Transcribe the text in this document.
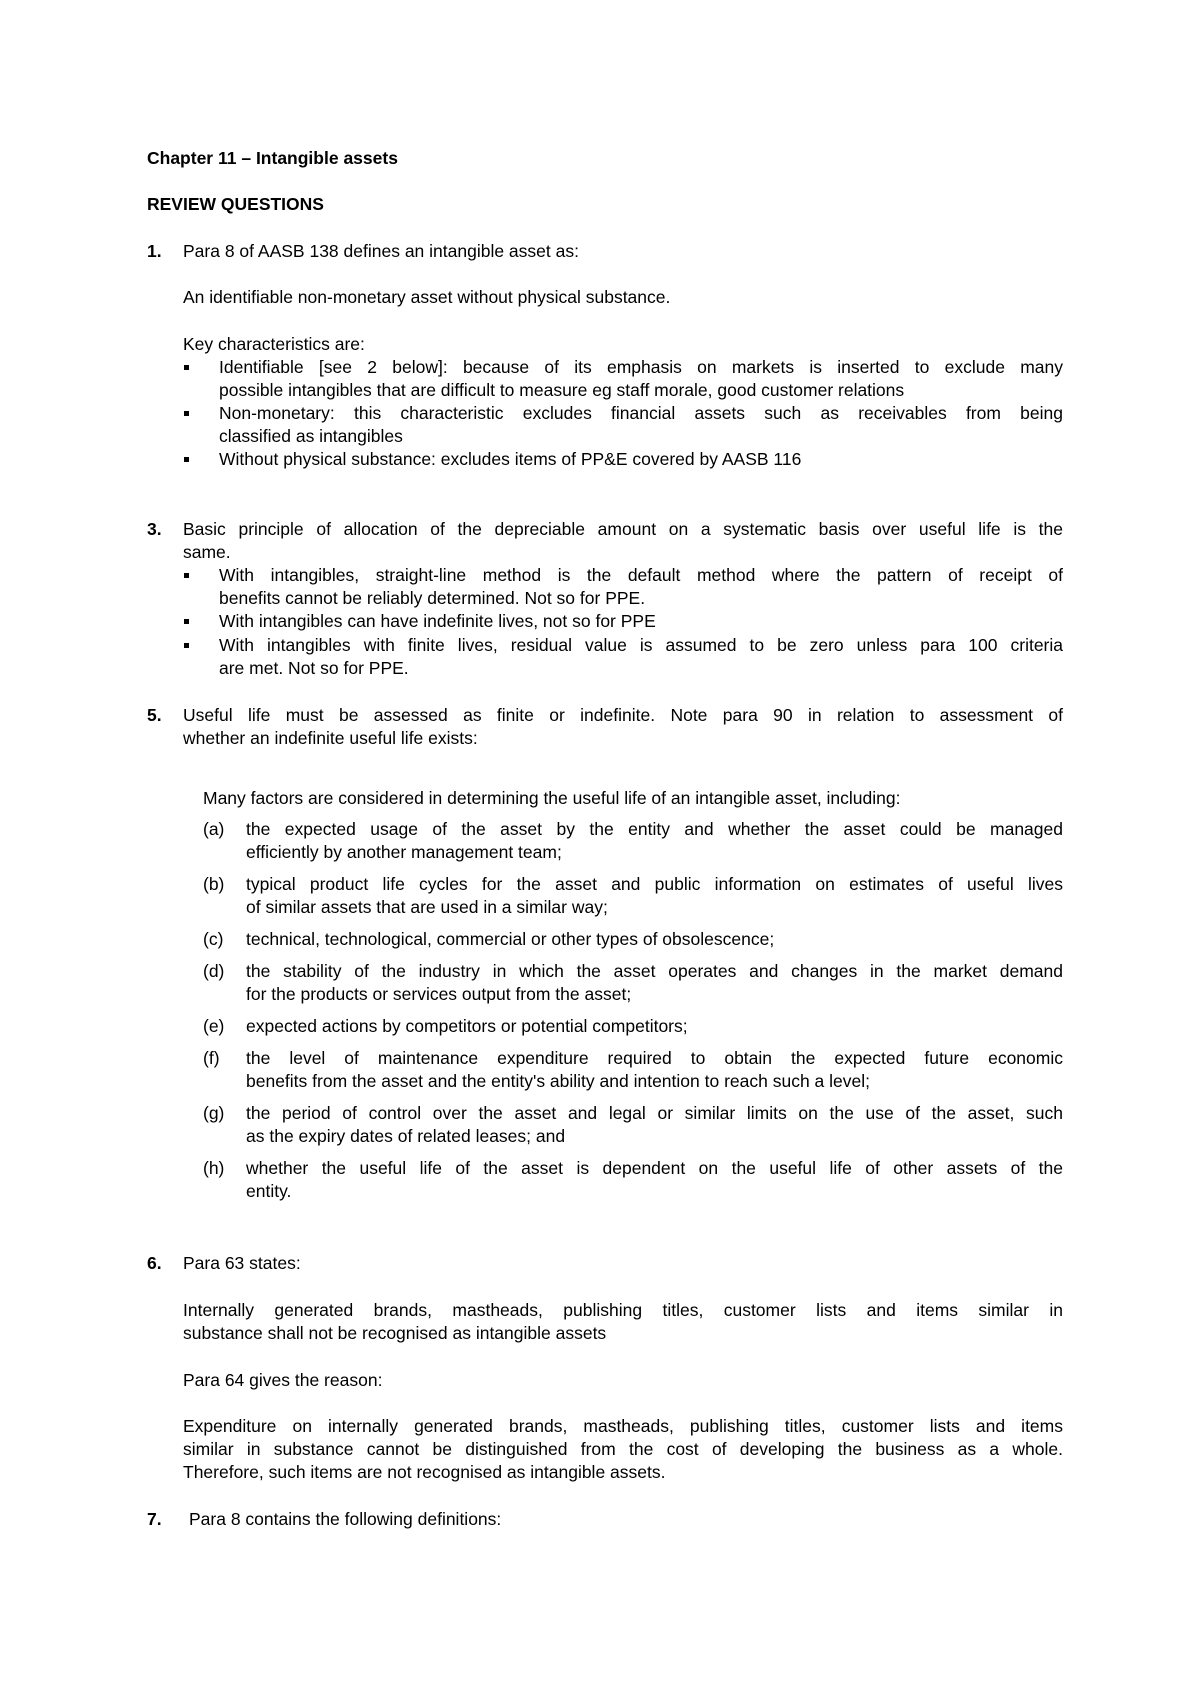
Chapter 11 – Intangible assets
REVIEW QUESTIONS
1. Para 8 of AASB 138 defines an intangible asset as:
An identifiable non-monetary asset without physical substance.
Key characteristics are:
Identifiable [see 2 below]: because of its emphasis on markets is inserted to exclude many
possible intangibles that are difficult to measure eg staff morale, good customer relations
Non-monetary: this characteristic excludes financial assets such as receivables from being
classified as intangibles
Without physical substance: excludes items of PP&E covered by AASB 116
3. Basic principle of allocation of the depreciable amount on a systematic basis over useful life is the
same.
With intangibles, straight-line method is the default method where the pattern of receipt of
benefits cannot be reliably determined. Not so for PPE.
With intangibles can have indefinite lives, not so for PPE
With intangibles with finite lives, residual value is assumed to be zero unless para 100 criteria
are met. Not so for PPE.
5. Useful life must be assessed as finite or indefinite. Note para 90 in relation to assessment of
whether an indefinite useful life exists:
Many factors are considered in determining the useful life of an intangible asset, including:
(a) the expected usage of the asset by the entity and whether the asset could be managed
efficiently by another management team;
(b) typical product life cycles for the asset and public information on estimates of useful lives
of similar assets that are used in a similar way;
(c) technical, technological, commercial or other types of obsolescence;
(d) the stability of the industry in which the asset operates and changes in the market demand
for the products or services output from the asset;
(e) expected actions by competitors or potential competitors;
(f) the level of maintenance expenditure required to obtain the expected future economic
benefits from the asset and the entity's ability and intention to reach such a level;
(g) the period of control over the asset and legal or similar limits on the use of the asset, such
as the expiry dates of related leases; and
(h) whether the useful life of the asset is dependent on the useful life of other assets of the
entity.
6. Para 63 states:
Internally generated brands, mastheads, publishing titles, customer lists and items similar in
substance shall not be recognised as intangible assets
Para 64 gives the reason:
Expenditure on internally generated brands, mastheads, publishing titles, customer lists and items
similar in substance cannot be distinguished from the cost of developing the business as a whole.
Therefore, such items are not recognised as intangible assets.
7. Para 8 contains the following definitions:
